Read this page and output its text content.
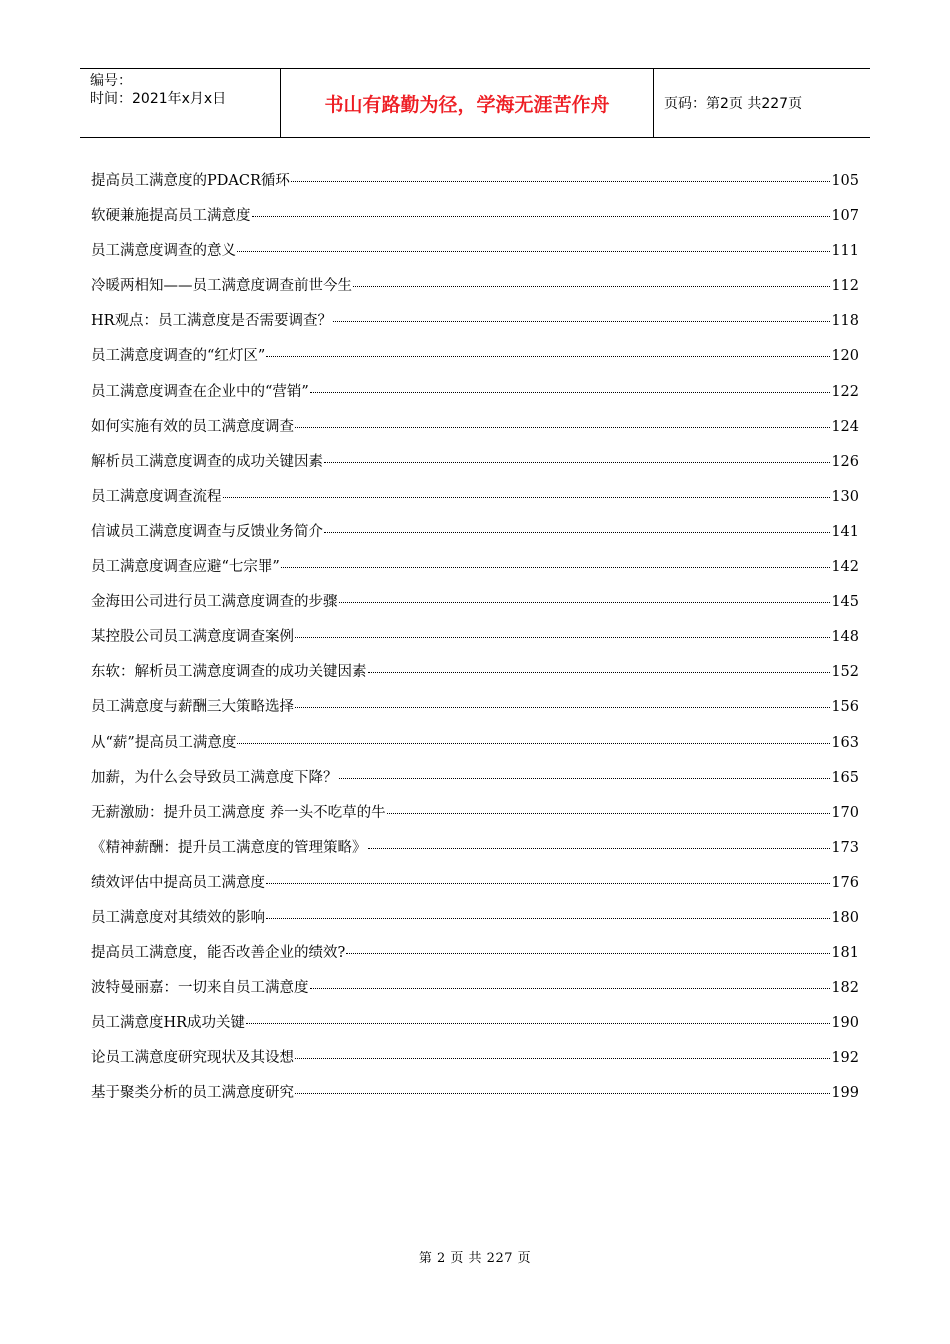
编号：
时间：2021年x月x日	书山有路勤为径，学海无涯苦作舟	页码：第2页 共227页
提高员工满意度的PDACR循环	105
软硬兼施提高员工满意度	107
员工满意度调查的意义	111
冷暖两相知——员工满意度调查前世今生	112
HR观点：员工满意度是否需要调查？	118
员工满意度调查的“红灯区”	120
员工满意度调查在企业中的“营销”	122
如何实施有效的员工满意度调查	124
解析员工满意度调查的成功关键因素	126
员工满意度调查流程	130
信诚员工满意度调查与反馈业务简介	141
员工满意度调查应避“七宗罪”	142
金海田公司进行员工满意度调查的步骤	145
某控股公司员工满意度调查案例	148
东软：解析员工满意度调查的成功关键因素	152
员工满意度与薪酬三大策略选择	156
从“薪”提高员工满意度	163
加薪，为什么会导致员工满意度下降？	165
无薪激励：提升员工满意度 养一头不吃草的牛	170
《精神薪酬：提升员工满意度的管理策略》	173
绩效评估中提高员工满意度	176
员工满意度对其绩效的影响	180
提高员工满意度，能否改善企业的绩效?	181
波特曼丽嘉：一切来自员工满意度	182
员工满意度HR成功关键	190
论员工满意度研究现状及其设想	192
基于聚类分析的员工满意度研究	199
第 2 页 共 227 页
